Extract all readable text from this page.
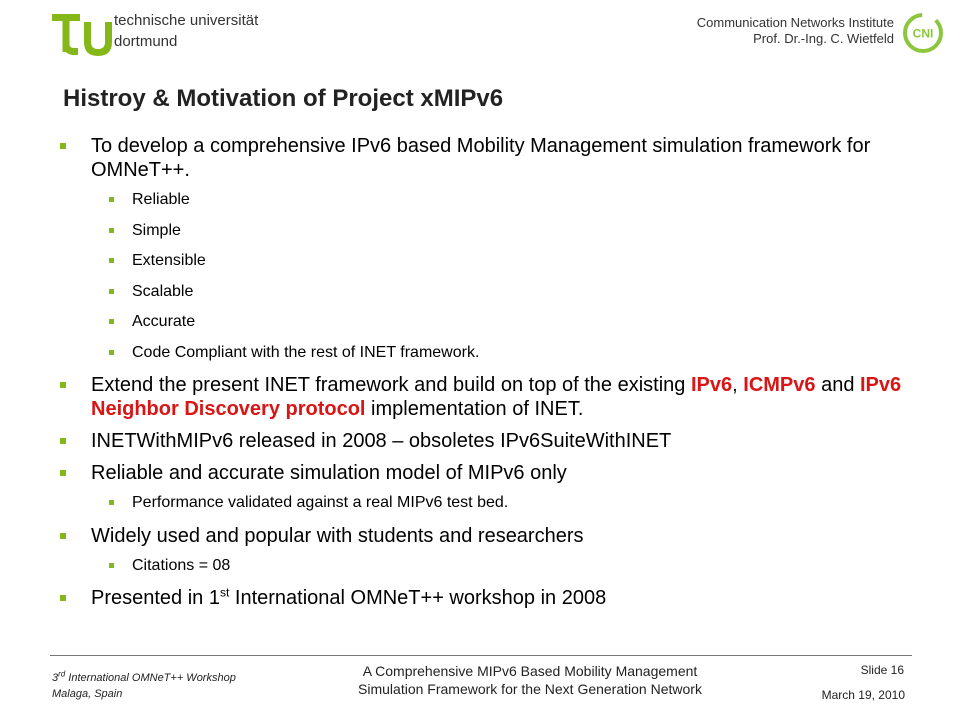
technische universität
dortmund
Communication Networks Institute
Prof. Dr.-Ing. C. Wietfeld CNI
Histroy & Motivation of Project xMIPv6
To develop a comprehensive IPv6 based Mobility Management simulation framework for OMNeT++.
Reliable
Simple
Extensible
Scalable
Accurate
Code Compliant with the rest of INET framework.
Extend the present INET framework and build on top of the existing IPv6, ICMPv6 and IPv6 Neighbor Discovery protocol implementation of INET.
INETWithMIPv6 released in 2008 – obsoletes IPv6SuiteWithINET
Reliable and accurate simulation model of MIPv6 only
Performance validated against a real MIPv6 test bed.
Widely used and popular with students and researchers
Citations = 08
Presented in 1st International OMNeT++ workshop in 2008
3rd International OMNeT++ Workshop
Malaga, Spain
A Comprehensive MIPv6 Based Mobility Management
Simulation Framework for the Next Generation Network
Slide 16
March 19, 2010
